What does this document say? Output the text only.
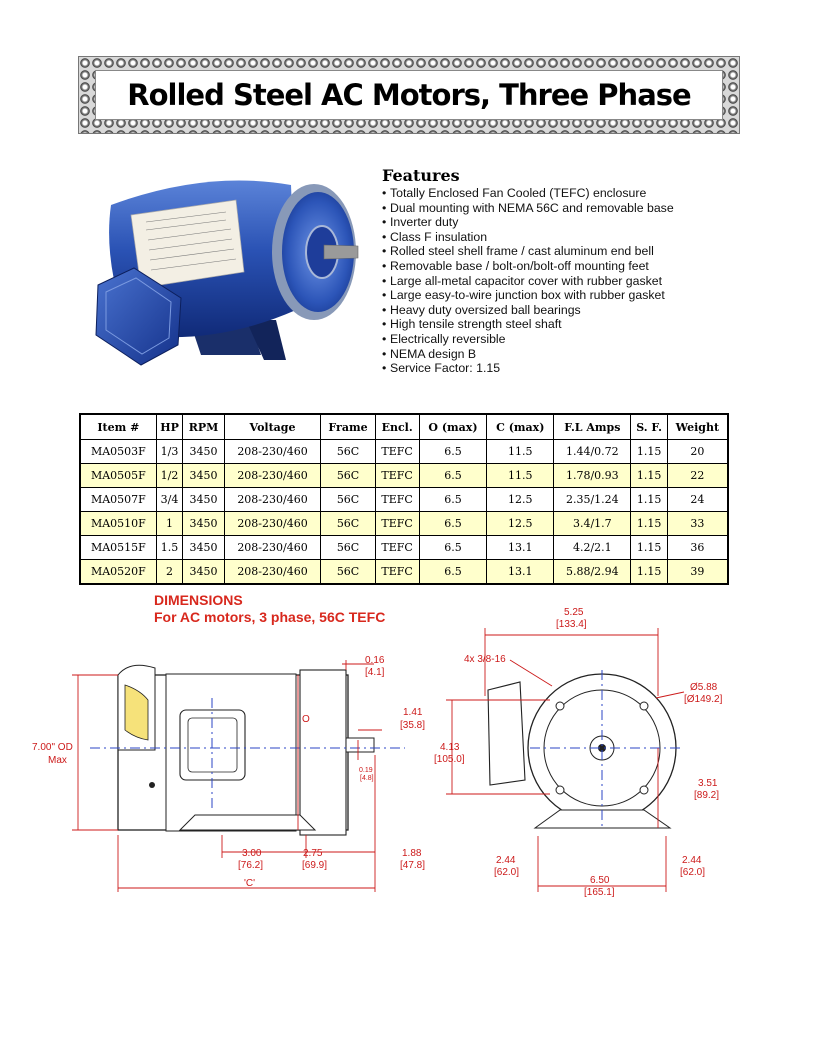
Rolled Steel AC Motors, Three Phase
Features
• Totally Enclosed Fan Cooled (TEFC) enclosure
• Dual mounting with NEMA 56C and removable base
• Inverter duty
• Class F insulation
• Rolled steel shell frame / cast aluminum end bell
• Removable base / bolt-on/bolt-off mounting feet
• Large all-metal capacitor cover with rubber gasket
• Large easy-to-wire junction box with rubber gasket
• Heavy duty oversized ball bearings
• High tensile strength steel shaft
• Electrically reversible
• NEMA design B
• Service Factor: 1.15
Item #	HP	RPM	Voltage	Frame	Encl.	O (max)	C (max)	F.L Amps	S. F.	Weight
MA0503F	1/3	3450	208-230/460	56C	TEFC	6.5	11.5	1.44/0.72	1.15	20
MA0505F	1/2	3450	208-230/460	56C	TEFC	6.5	11.5	1.78/0.93	1.15	22
MA0507F	3/4	3450	208-230/460	56C	TEFC	6.5	12.5	2.35/1.24	1.15	24
MA0510F	1	3450	208-230/460	56C	TEFC	6.5	12.5	3.4/1.7	1.15	33
MA0515F	1.5	3450	208-230/460	56C	TEFC	6.5	13.1	4.2/2.1	1.15	36
MA0520F	2	3450	208-230/460	56C	TEFC	6.5	13.1	5.88/2.94	1.15	39
DIMENSIONS
For AC motors, 3 phase, 56C TEFC
7.00" OD
Max
O
0.16
[4.1]
1.41
[35.8]
0.19
[4.8]
3.00
[76.2]
2.75
[69.9]
1.88
[47.8]
'C'
5.25
[133.4]
4x 3/8-16
Ø5.88
[Ø149.2]
4.13
[105.0]
3.51
[89.2]
2.44
[62.0]
2.44
[62.0]
6.50
[165.1]
